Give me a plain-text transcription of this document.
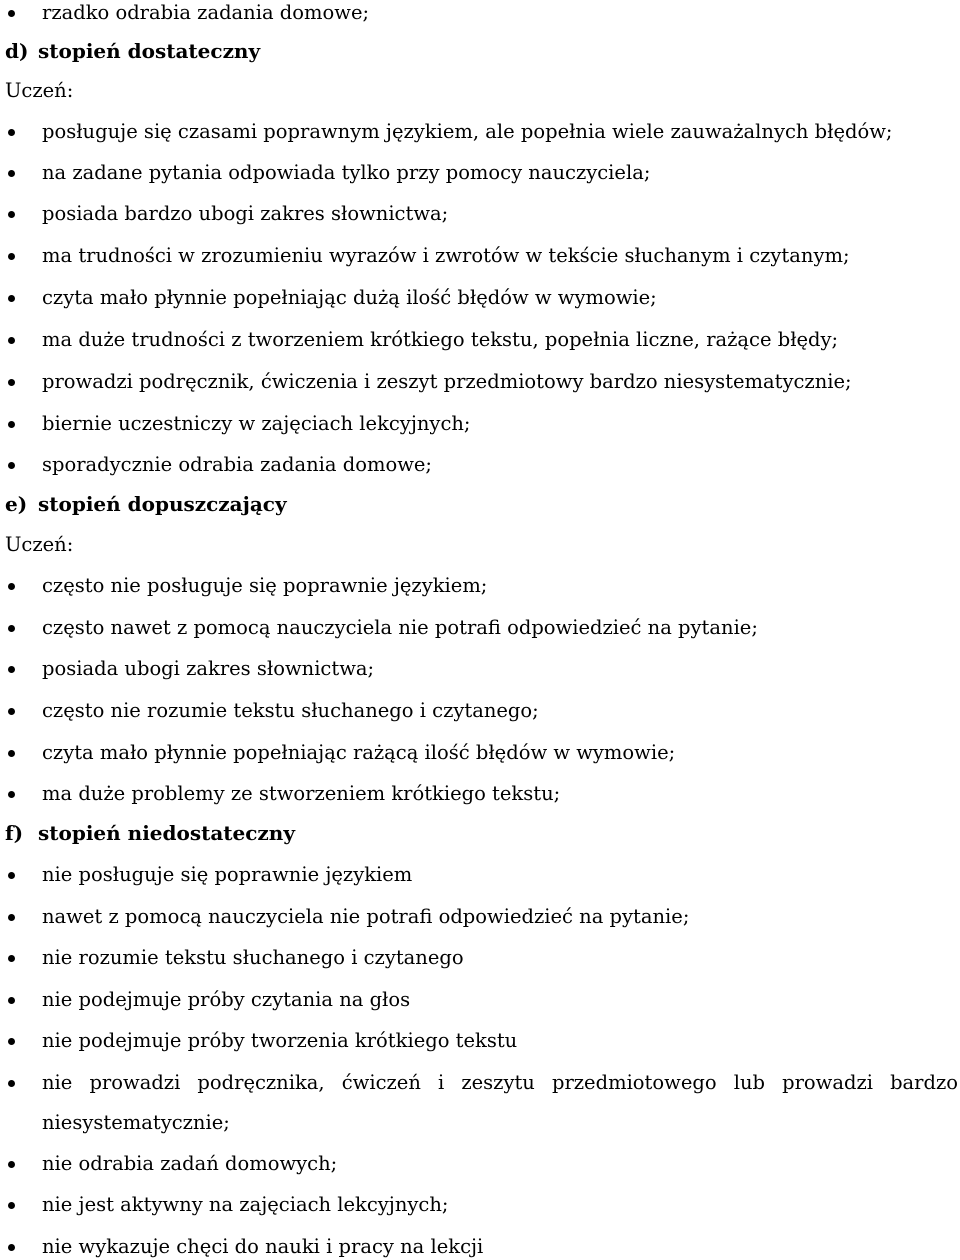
rzadko odrabia zadania domowe;
d) stopień dostateczny
Uczeń:
posługuje się czasami poprawnym językiem, ale popełnia wiele zauważalnych błędów;
na zadane pytania odpowiada tylko przy pomocy nauczyciela;
posiada bardzo ubogi zakres słownictwa;
ma trudności w zrozumieniu wyrazów i zwrotów w tekście słuchanym i czytanym;
czyta mało płynnie popełniając dużą ilość błędów w wymowie;
ma duże trudności z tworzeniem krótkiego tekstu, popełnia liczne, rażące błędy;
prowadzi podręcznik, ćwiczenia i zeszyt przedmiotowy bardzo niesystematycznie;
biernie uczestniczy w zajęciach lekcyjnych;
sporadycznie odrabia zadania domowe;
e) stopień dopuszczający
Uczeń:
często nie posługuje się poprawnie językiem;
często nawet z pomocą nauczyciela nie potrafi odpowiedzieć na pytanie;
posiada ubogi zakres słownictwa;
często nie rozumie tekstu słuchanego i czytanego;
czyta mało płynnie popełniając rażącą ilość błędów w wymowie;
ma duże problemy ze stworzeniem krótkiego tekstu;
f) stopień niedostateczny
nie posługuje się poprawnie językiem
nawet z pomocą nauczyciela nie potrafi odpowiedzieć na pytanie;
nie rozumie tekstu słuchanego i czytanego
nie podejmuje próby czytania na głos
nie podejmuje próby tworzenia krótkiego tekstu
nie prowadzi podręcznika, ćwiczeń i zeszytu przedmiotowego lub prowadzi bardzo
niesystematycznie;
nie odrabia zadań domowych;
nie jest aktywny na zajęciach lekcyjnych;
nie wykazuje chęci do nauki i pracy na lekcji
